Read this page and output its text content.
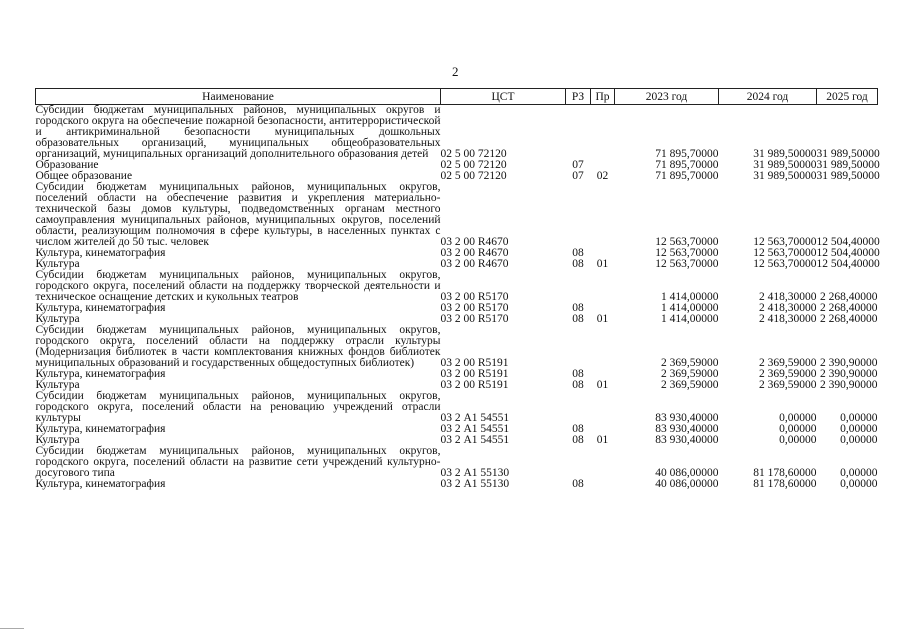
2
Наименование	ЦСТ	РЗ	Пр	2023 год	2024 год	2025 год
Субсидии бюджетам муниципальных районов, муниципальных округов и городского округа на обеспечение пожарной безопасности, антитеррористической и антикриминальной безопасности муниципальных дошкольных образовательных организаций, муниципальных общеобразовательных организаций, муниципальных организаций дополнительного образования детей	02 5 00 72120			71 895,70000	31 989,50000	31 989,50000
Образование	02 5 00 72120	07		71 895,70000	31 989,50000	31 989,50000
Общее образование	02 5 00 72120	07	02	71 895,70000	31 989,50000	31 989,50000
Субсидии бюджетам муниципальных районов, муниципальных округов, поселений области на обеспечение развития и укрепления материально-технической базы домов культуры, подведомственных органам местного самоуправления муниципальных районов, муниципальных округов, поселений области, реализующим полномочия в сфере культуры, в населенных пунктах с числом жителей до 50 тыс. человек	03 2 00 R4670			12 563,70000	12 563,70000	12 504,40000
Культура, кинематография	03 2 00 R4670	08		12 563,70000	12 563,70000	12 504,40000
Культура	03 2 00 R4670	08	01	12 563,70000	12 563,70000	12 504,40000
Субсидии бюджетам муниципальных районов, муниципальных округов, городского округа, поселений области на поддержку творческой деятельности и техническое оснащение детских и кукольных театров	03 2 00 R5170			1 414,00000	2 418,30000	2 268,40000
Культура, кинематография	03 2 00 R5170	08		1 414,00000	2 418,30000	2 268,40000
Культура	03 2 00 R5170	08	01	1 414,00000	2 418,30000	2 268,40000
Субсидии бюджетам муниципальных районов, муниципальных округов, городского округа, поселений области на поддержку отрасли культуры (Модернизация библиотек в части комплектования книжных фондов библиотек муниципальных образований и государственных общедоступных библиотек)	03 2 00 R5191			2 369,59000	2 369,59000	2 390,90000
Культура, кинематография	03 2 00 R5191	08		2 369,59000	2 369,59000	2 390,90000
Культура	03 2 00 R5191	08	01	2 369,59000	2 369,59000	2 390,90000
Субсидии бюджетам муниципальных районов, муниципальных округов, городского округа, поселений области на реновацию учреждений отрасли культуры	03 2 А1 54551			83 930,40000	0,00000	0,00000
Культура, кинематография	03 2 А1 54551	08		83 930,40000	0,00000	0,00000
Культура	03 2 А1 54551	08	01	83 930,40000	0,00000	0,00000
Субсидии бюджетам муниципальных районов, муниципальных округов, городского округа, поселений области на развитие сети учреждений культурно-досугового типа	03 2 А1 55130			40 086,00000	81 178,60000	0,00000
Культура, кинематография	03 2 А1 55130	08		40 086,00000	81 178,60000	0,00000
